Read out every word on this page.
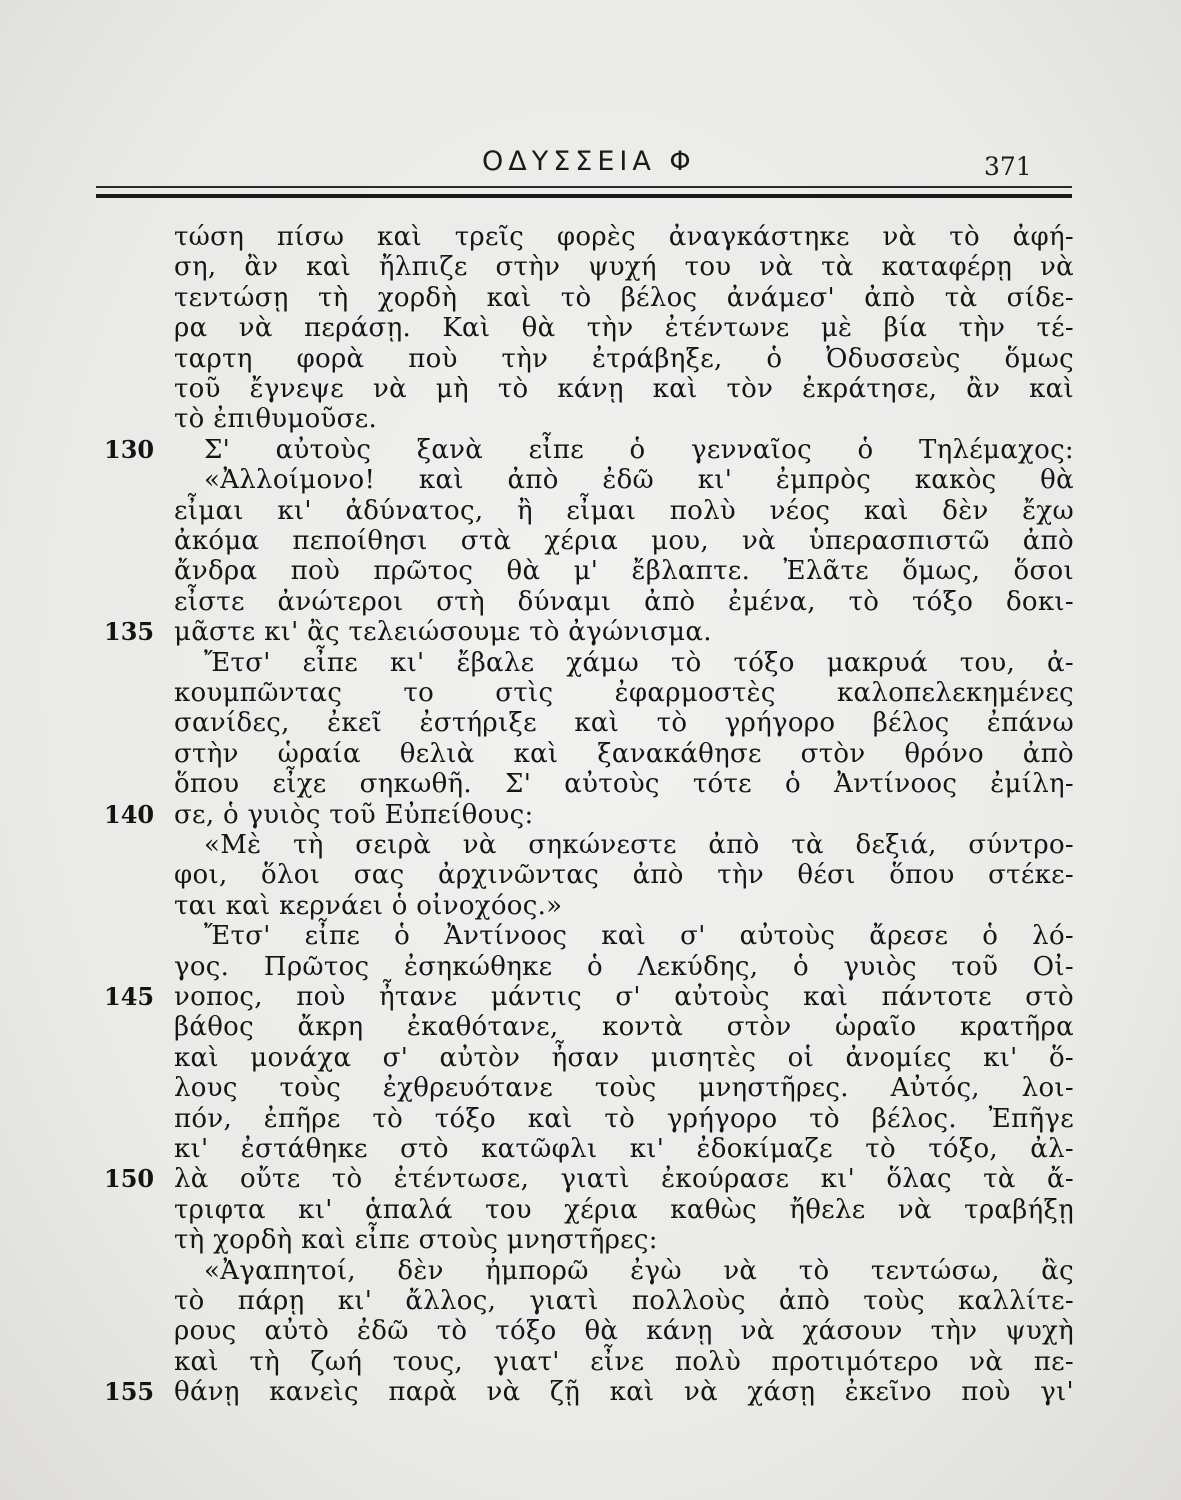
ΟΔΥΣΣΕΙΑ Φ	371
τώση πίσω καὶ τρεῖς φορὲς ἀναγκάστηκε νὰ τὸ ἀφή-
ση, ἂν καὶ ἤλπιζε στὴν ψυχή του νὰ τὰ καταφέρῃ νὰ
τεντώσῃ τὴ χορδὴ καὶ τὸ βέλος ἀνάμεσ' ἀπὸ τὰ σίδε-
ρα νὰ περάσῃ. Καὶ θὰ τὴν ἐτέντωνε μὲ βία τὴν τέ-
ταρτη φορὰ ποὺ τὴν ἐτράβηξε, ὁ Ὀδυσσεὺς ὅμως
τοῦ ἔγνεψε νὰ μὴ τὸ κάνῃ καὶ τὸν ἐκράτησε, ἂν καὶ
τὸ ἐπιθυμοῦσε.
Σ' αὐτοὺς ξανὰ εἶπε ὁ γενναῖος ὁ Τηλέμαχος:
130
«Ἀλλοίμονο! καὶ ἀπὸ ἐδῶ κι' ἐμπρὸς κακὸς θὰ
εἶμαι κι' ἀδύνατος, ἢ εἶμαι πολὺ νέος καὶ δὲν ἔχω
ἀκόμα πεποίθησι στὰ χέρια μου, νὰ ὑπερασπιστῶ ἀπὸ
ἄνδρα ποὺ πρῶτος θὰ μ' ἔβλαπτε. Ἐλᾶτε ὅμως, ὅσοι
εἶστε ἀνώτεροι στὴ δύναμι ἀπὸ ἐμένα, τὸ τόξο δοκι-
μᾶστε κι' ἂς τελειώσουμε τὸ ἀγώνισμα.
135
Ἔτσ' εἶπε κι' ἔβαλε χάμω τὸ τόξο μακρυά του, ἀ-
κουμπῶντας το στὶς ἐφαρμοστὲς καλοπελεκημένες
σανίδες, ἐκεῖ ἐστήριξε καὶ τὸ γρήγορο βέλος ἐπάνω
στὴν ὡραία θελιὰ καὶ ξανακάθησε στὸν θρόνο ἀπὸ
ὅπου εἶχε σηκωθῆ. Σ' αὐτοὺς τότε ὁ Ἀντίνοος ἐμίλη-
σε, ὁ γυιὸς τοῦ Εὐπείθους:
140
«Μὲ τὴ σειρὰ νὰ σηκώνεστε ἀπὸ τὰ δεξιά, σύντρο-
φοι, ὅλοι σας ἀρχινῶντας ἀπὸ τὴν θέσι ὅπου στέκε-
ται καὶ κερνάει ὁ οἰνοχόος.»
Ἔτσ' εἶπε ὁ Ἀντίνοος καὶ σ' αὐτοὺς ἄρεσε ὁ λό-
γος. Πρῶτος ἐσηκώθηκε ὁ Λεκύδης, ὁ γυιὸς τοῦ Οἰ-
νοπος, ποὺ ἦτανε μάντις σ' αὐτοὺς καὶ πάντοτε στὸ
145
βάθος ἄκρη ἐκαθότανε, κοντὰ στὸν ὡραῖο κρατῆρα
καὶ μονάχα σ' αὐτὸν ἦσαν μισητὲς οἱ ἀνομίες κι' ὅ-
λους τοὺς ἐχθρευότανε τοὺς μνηστῆρες. Αὐτός, λοι-
πόν, ἐπῆρε τὸ τόξο καὶ τὸ γρήγορο τὸ βέλος. Ἐπῆγε
κι' ἐστάθηκε στὸ κατῶφλι κι' ἐδοκίμαζε τὸ τόξο, ἀλ-
λὰ οὔτε τὸ ἐτέντωσε, γιατὶ ἐκούρασε κι' ὅλας τὰ ἄ-
150
τριφτα κι' ἁπαλά του χέρια καθὼς ἤθελε νὰ τραβήξῃ
τὴ χορδὴ καὶ εἶπε στοὺς μνηστῆρες:
«Ἀγαπητοί, δὲν ἠμπορῶ ἐγὼ νὰ τὸ τεντώσω, ἂς
τὸ πάρῃ κι' ἄλλος, γιατὶ πολλοὺς ἀπὸ τοὺς καλλίτε-
ρους αὐτὸ ἐδῶ τὸ τόξο θὰ κάνῃ νὰ χάσουν τὴν ψυχὴ
καὶ τὴ ζωή τους, γιατ' εἶνε πολὺ προτιμότερο νὰ πε-
θάνῃ κανεὶς παρὰ νὰ ζῇ καὶ νὰ χάσῃ ἐκεῖνο ποὺ γι'
155
